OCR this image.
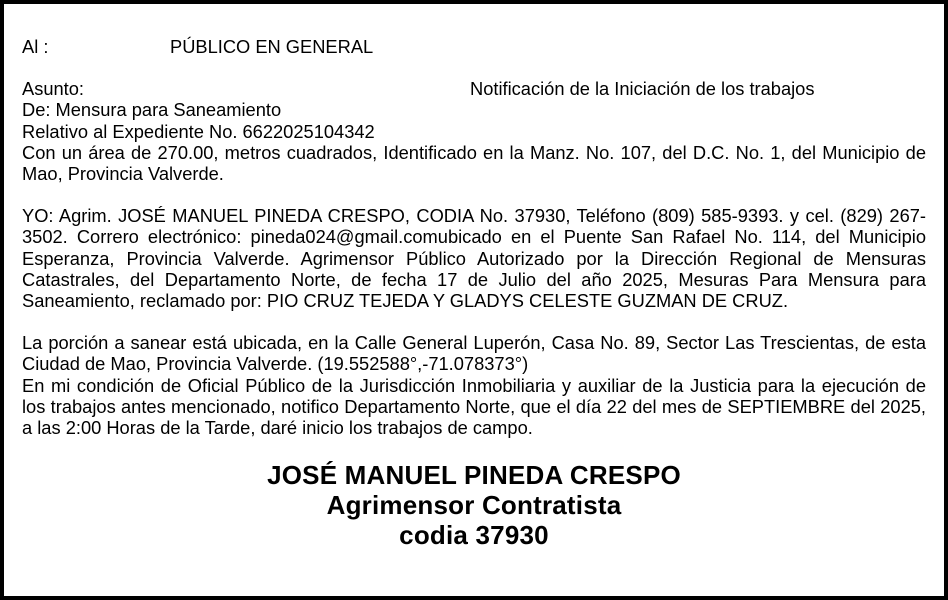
Al :	PÚBLICO EN GENERAL
Asunto:	Notificación de la Iniciación de los trabajos
De: Mensura para Saneamiento
Relativo al Expediente No. 6622025104342

Con un área de 270.00, metros cuadrados, Identificado en la Manz. No. 107, del D.C. No. 1, del Municipio de Mao, Provincia Valverde.

YO: Agrim. JOSÉ MANUEL PINEDA CRESPO, CODIA No. 37930, Teléfono (809) 585-9393. y cel. (829) 267-3502. Correro electrónico: pineda024@gmail.comubicado en el Puente San Rafael No. 114, del Municipio Esperanza, Provincia Valverde. Agrimensor Público Autorizado por la Dirección Regional de Mensuras Catastrales, del Departamento Norte, de fecha 17 de Julio del año 2025, Mesuras Para Mensura para Saneamiento, reclamado por: PIO CRUZ TEJEDA Y GLADYS CELESTE GUZMAN DE CRUZ.

La porción a sanear está ubicada, en la Calle General Luperón, Casa No. 89, Sector Las Trescientas, de esta Ciudad de Mao, Provincia Valverde. (19.552588°,-71.078373°)

En mi condición de Oficial Público de la Jurisdicción Inmobiliaria y auxiliar de la Justicia para la ejecución de los trabajos antes mencionado, notifico Departamento Norte, que el día 22 del mes de SEPTIEMBRE del 2025, a las 2:00 Horas de la Tarde, daré inicio los trabajos de campo.

JOSÉ MANUEL PINEDA CRESPO
Agrimensor Contratista
codia 37930
